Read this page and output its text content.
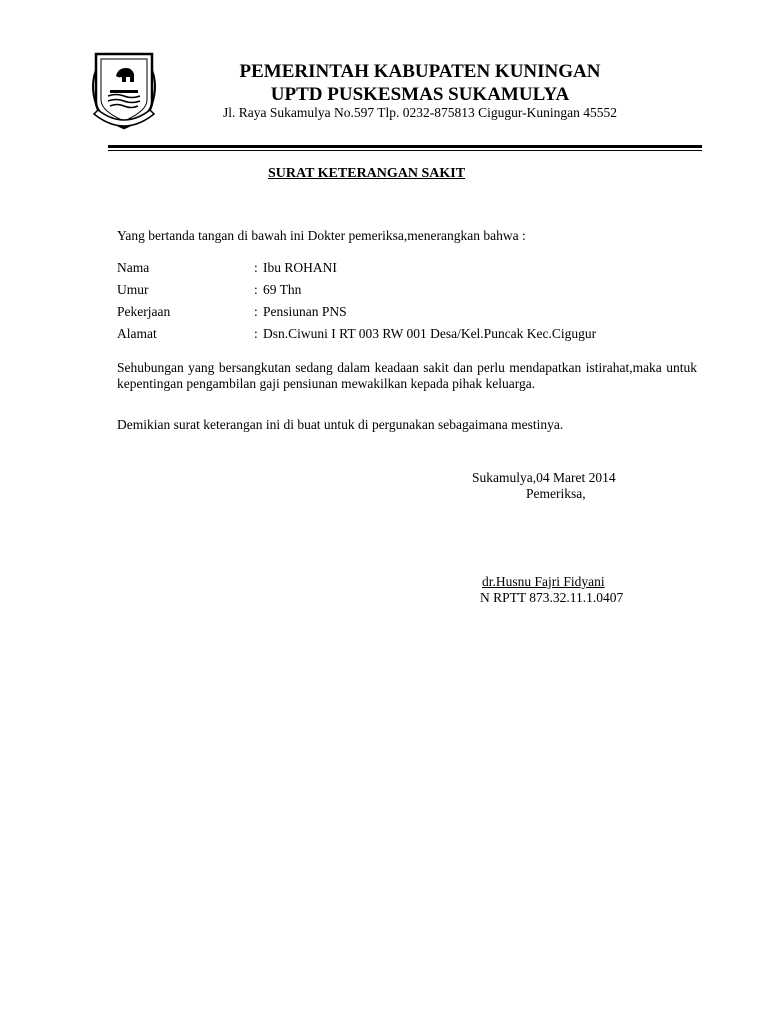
PEMERINTAH KABUPATEN KUNINGAN
UPTD PUSKESMAS SUKAMULYA
Jl. Raya Sukamulya No.597 Tlp. 0232-875813 Cigugur-Kuningan 45552
SURAT KETERANGAN SAKIT
Yang bertanda tangan di bawah ini Dokter pemeriksa,menerangkan bahwa :
Nama	: Ibu ROHANI
Umur	: 69 Thn
Pekerjaan	: Pensiunan PNS
Alamat	: Dsn.Ciwuni I RT 003 RW 001 Desa/Kel.Puncak Kec.Cigugur
Sehubungan yang bersangkutan sedang dalam keadaan sakit dan perlu mendapatkan istirahat,maka untuk kepentingan pengambilan gaji pensiunan mewakilkan kepada pihak keluarga.
Demikian surat keterangan ini di buat untuk di pergunakan sebagaimana mestinya.
Sukamulya,04 Maret 2014
Pemeriksa,
dr.Husnu Fajri Fidyani
N RPTT 873.32.11.1.0407
